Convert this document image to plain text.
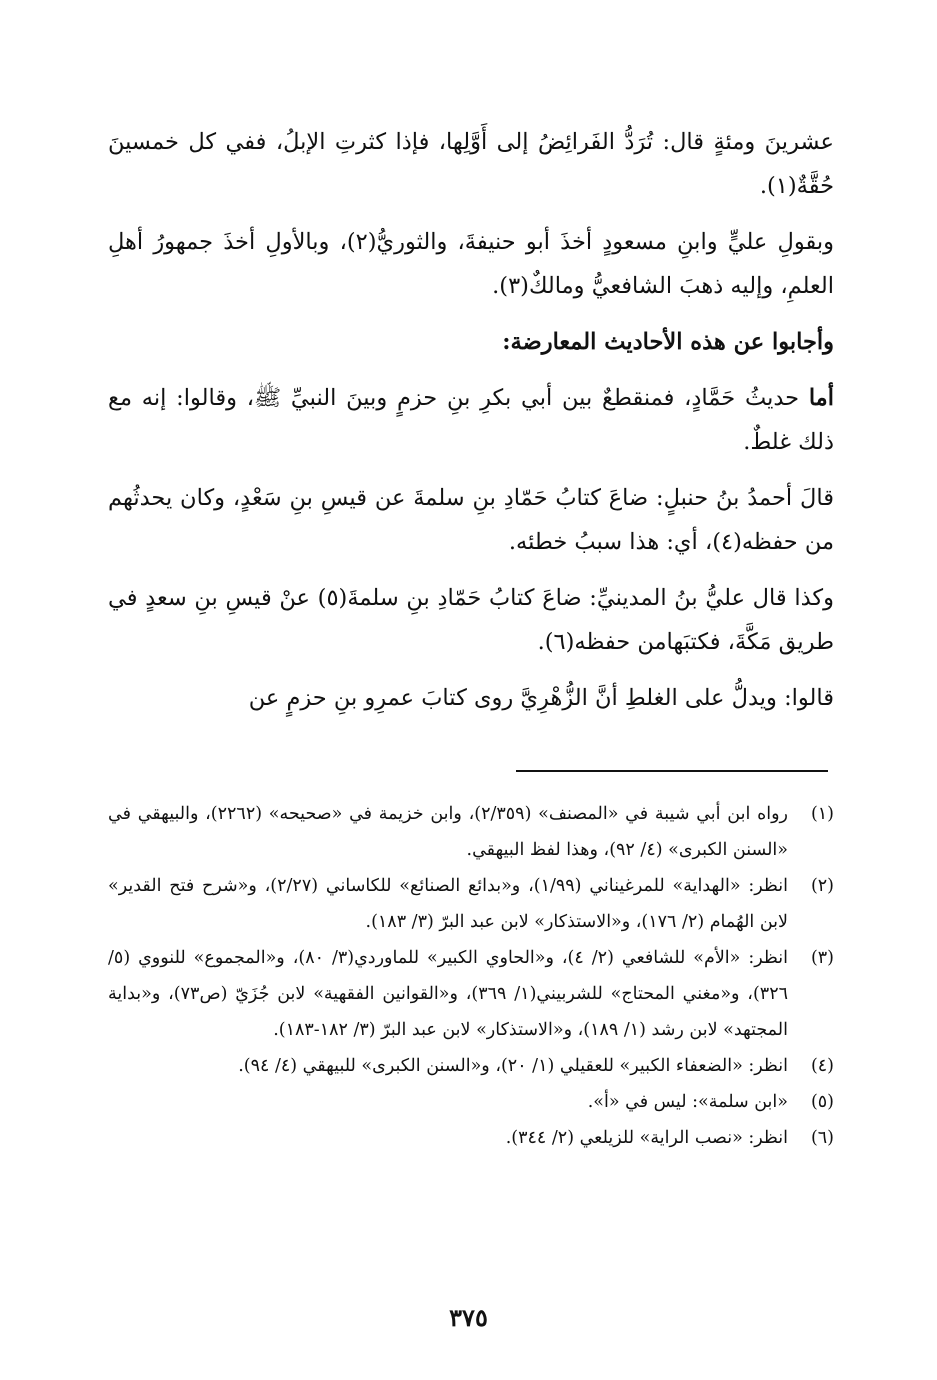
عشرينَ ومئةٍ قال: تُرَدُّ الفَرائِضُ إلى أَوَّلِها، فإذا كثرتِ الإبلُ، ففي كل خمسينَ حُقَّةٌ(١).

وبقولِ عليٍّ وابنِ مسعودٍ أخذَ أبو حنيفةَ، والثوريُّ(٢)، وبالأولِ أخذَ جمهورُ أهلِ العلمِ، وإليه ذهبَ الشافعيُّ ومالكٌ(٣).

وأجابوا عن هذه الأحاديث المعارضة:

أما حديثُ حَمَّادٍ، فمنقطعٌ بين أبي بكرِ بنِ حزمٍ وبينَ النبيِّ ﷺ، وقالوا: إنه مع ذلك غلطٌ.

قالَ أحمدُ بنُ حنبلٍ: ضاعَ كتابُ حَمّادِ بنِ سلمةَ عن قيسِ بنِ سَعْدٍ، وكان يحدثُهم من حفظه(٤)، أي: هذا سببُ خطئه.

وكذا قال عليُّ بنُ المدينيِّ: ضاعَ كتابُ حَمّادِ بنِ سلمةَ(٥) عنْ قيسِ بنِ سعدٍ في طريق مَكَّةَ، فكتبَهامن حفظه(٦).

قالوا: ويدلُّ على الغلطِ أنَّ الزُّهْرِيَّ روى كتابَ عمرِو بنِ حزمٍ عن

(١)
رواه ابن أبي شيبة في «المصنف» (٢/٣٥٩)، وابن خزيمة في «صحيحه» (٢٢٦٢)، والبيهقي في «السنن الكبرى» (٤/ ٩٢)، وهذا لفظ البيهقي.
(٢)
انظر: «الهداية» للمرغيناني (١/٩٩)، و«بدائع الصنائع» للكاساني (٢/٢٧)، و«شرح فتح القدير» لابن الهُمام (٢/ ١٧٦)، و«الاستذكار» لابن عبد البرّ (٣/ ١٨٣).
(٣)
انظر: «الأم» للشافعي (٢/ ٤)، و«الحاوي الكبير» للماوردي(٣/ ٨٠)، و«المجموع» للنووي (٥/ ٣٢٦)، و«مغني المحتاج» للشربيني(١/ ٣٦٩)، و«القوانين الفقهية» لابن جُزَيّ (ص٧٣)، و«بداية المجتهد» لابن رشد (١/ ١٨٩)، و«الاستذكار» لابن عبد البرّ (٣/ ١٨٢-١٨٣).
(٤)
انظر: «الضعفاء الكبير» للعقيلي (١/ ٢٠)، و«السنن الكبرى» للبيهقي (٤/ ٩٤).
(٥)
«ابن سلمة»: ليس في «أ».
(٦)
انظر: «نصب الراية» للزيلعي (٢/ ٣٤٤).
٣٧٥
